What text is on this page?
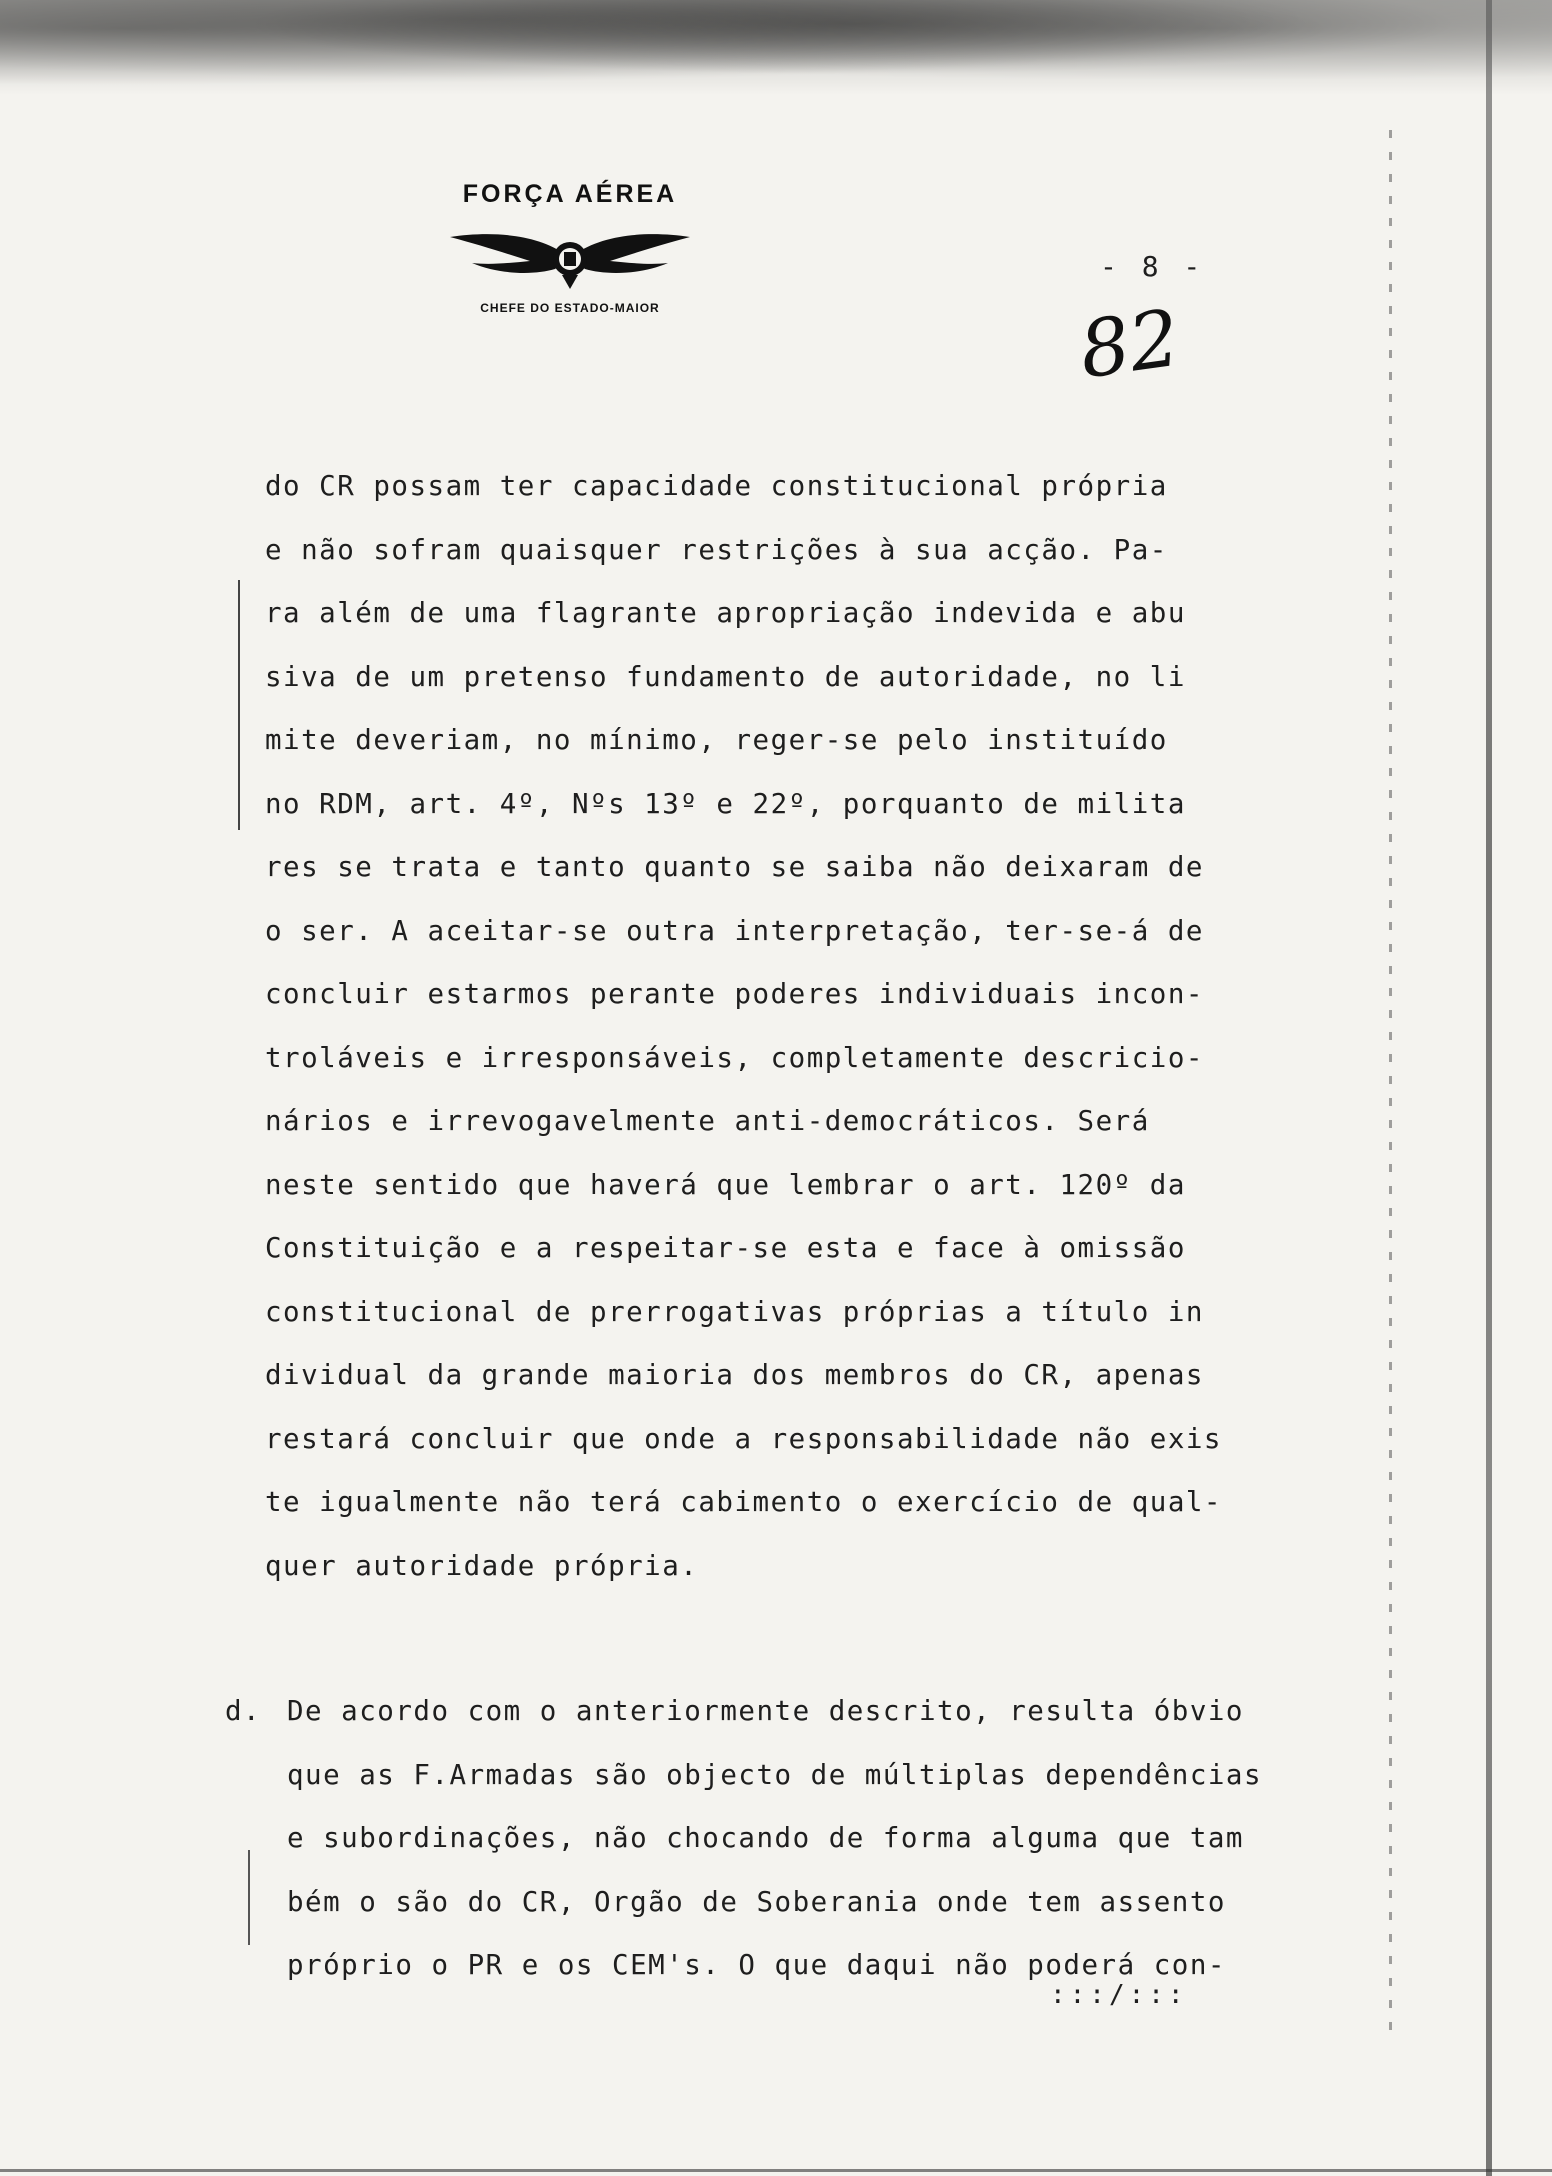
FORÇA AÉREA
CHEFE DO ESTADO-MAIOR
- 8 -
82
do CR possam ter capacidade constitucional própria
e não sofram quaisquer restrições à sua acção. Pa-
ra além de uma flagrante apropriação indevida e abu
siva de um pretenso fundamento de autoridade, no li
mite deveriam, no mínimo, reger-se pelo instituído
no RDM, art. 4º, Nºs 13º e 22º, porquanto de milita
res se trata e tanto quanto se saiba não deixaram de
o ser. A aceitar-se outra interpretação, ter-se-á de
concluir estarmos perante poderes individuais incon-
troláveis e irresponsáveis, completamente descricio-
nários e irrevogavelmente anti-democráticos. Será
neste sentido que haverá que lembrar o art. 120º da
Constituição e a respeitar-se esta e face à omissão
constitucional de prerrogativas próprias a título in
dividual da grande maioria dos membros do CR, apenas
restará concluir que onde a responsabilidade não exis
te igualmente não terá cabimento o exercício de qual-
quer autoridade própria.
d. De acordo com o anteriormente descrito, resulta óbvio
que as F.Armadas são objecto de múltiplas dependências
e subordinações, não chocando de forma alguma que tam
bém o são do CR, Orgão de Soberania onde tem assento
próprio o PR e os CEM's. O que daqui não poderá con-
:::/:::
